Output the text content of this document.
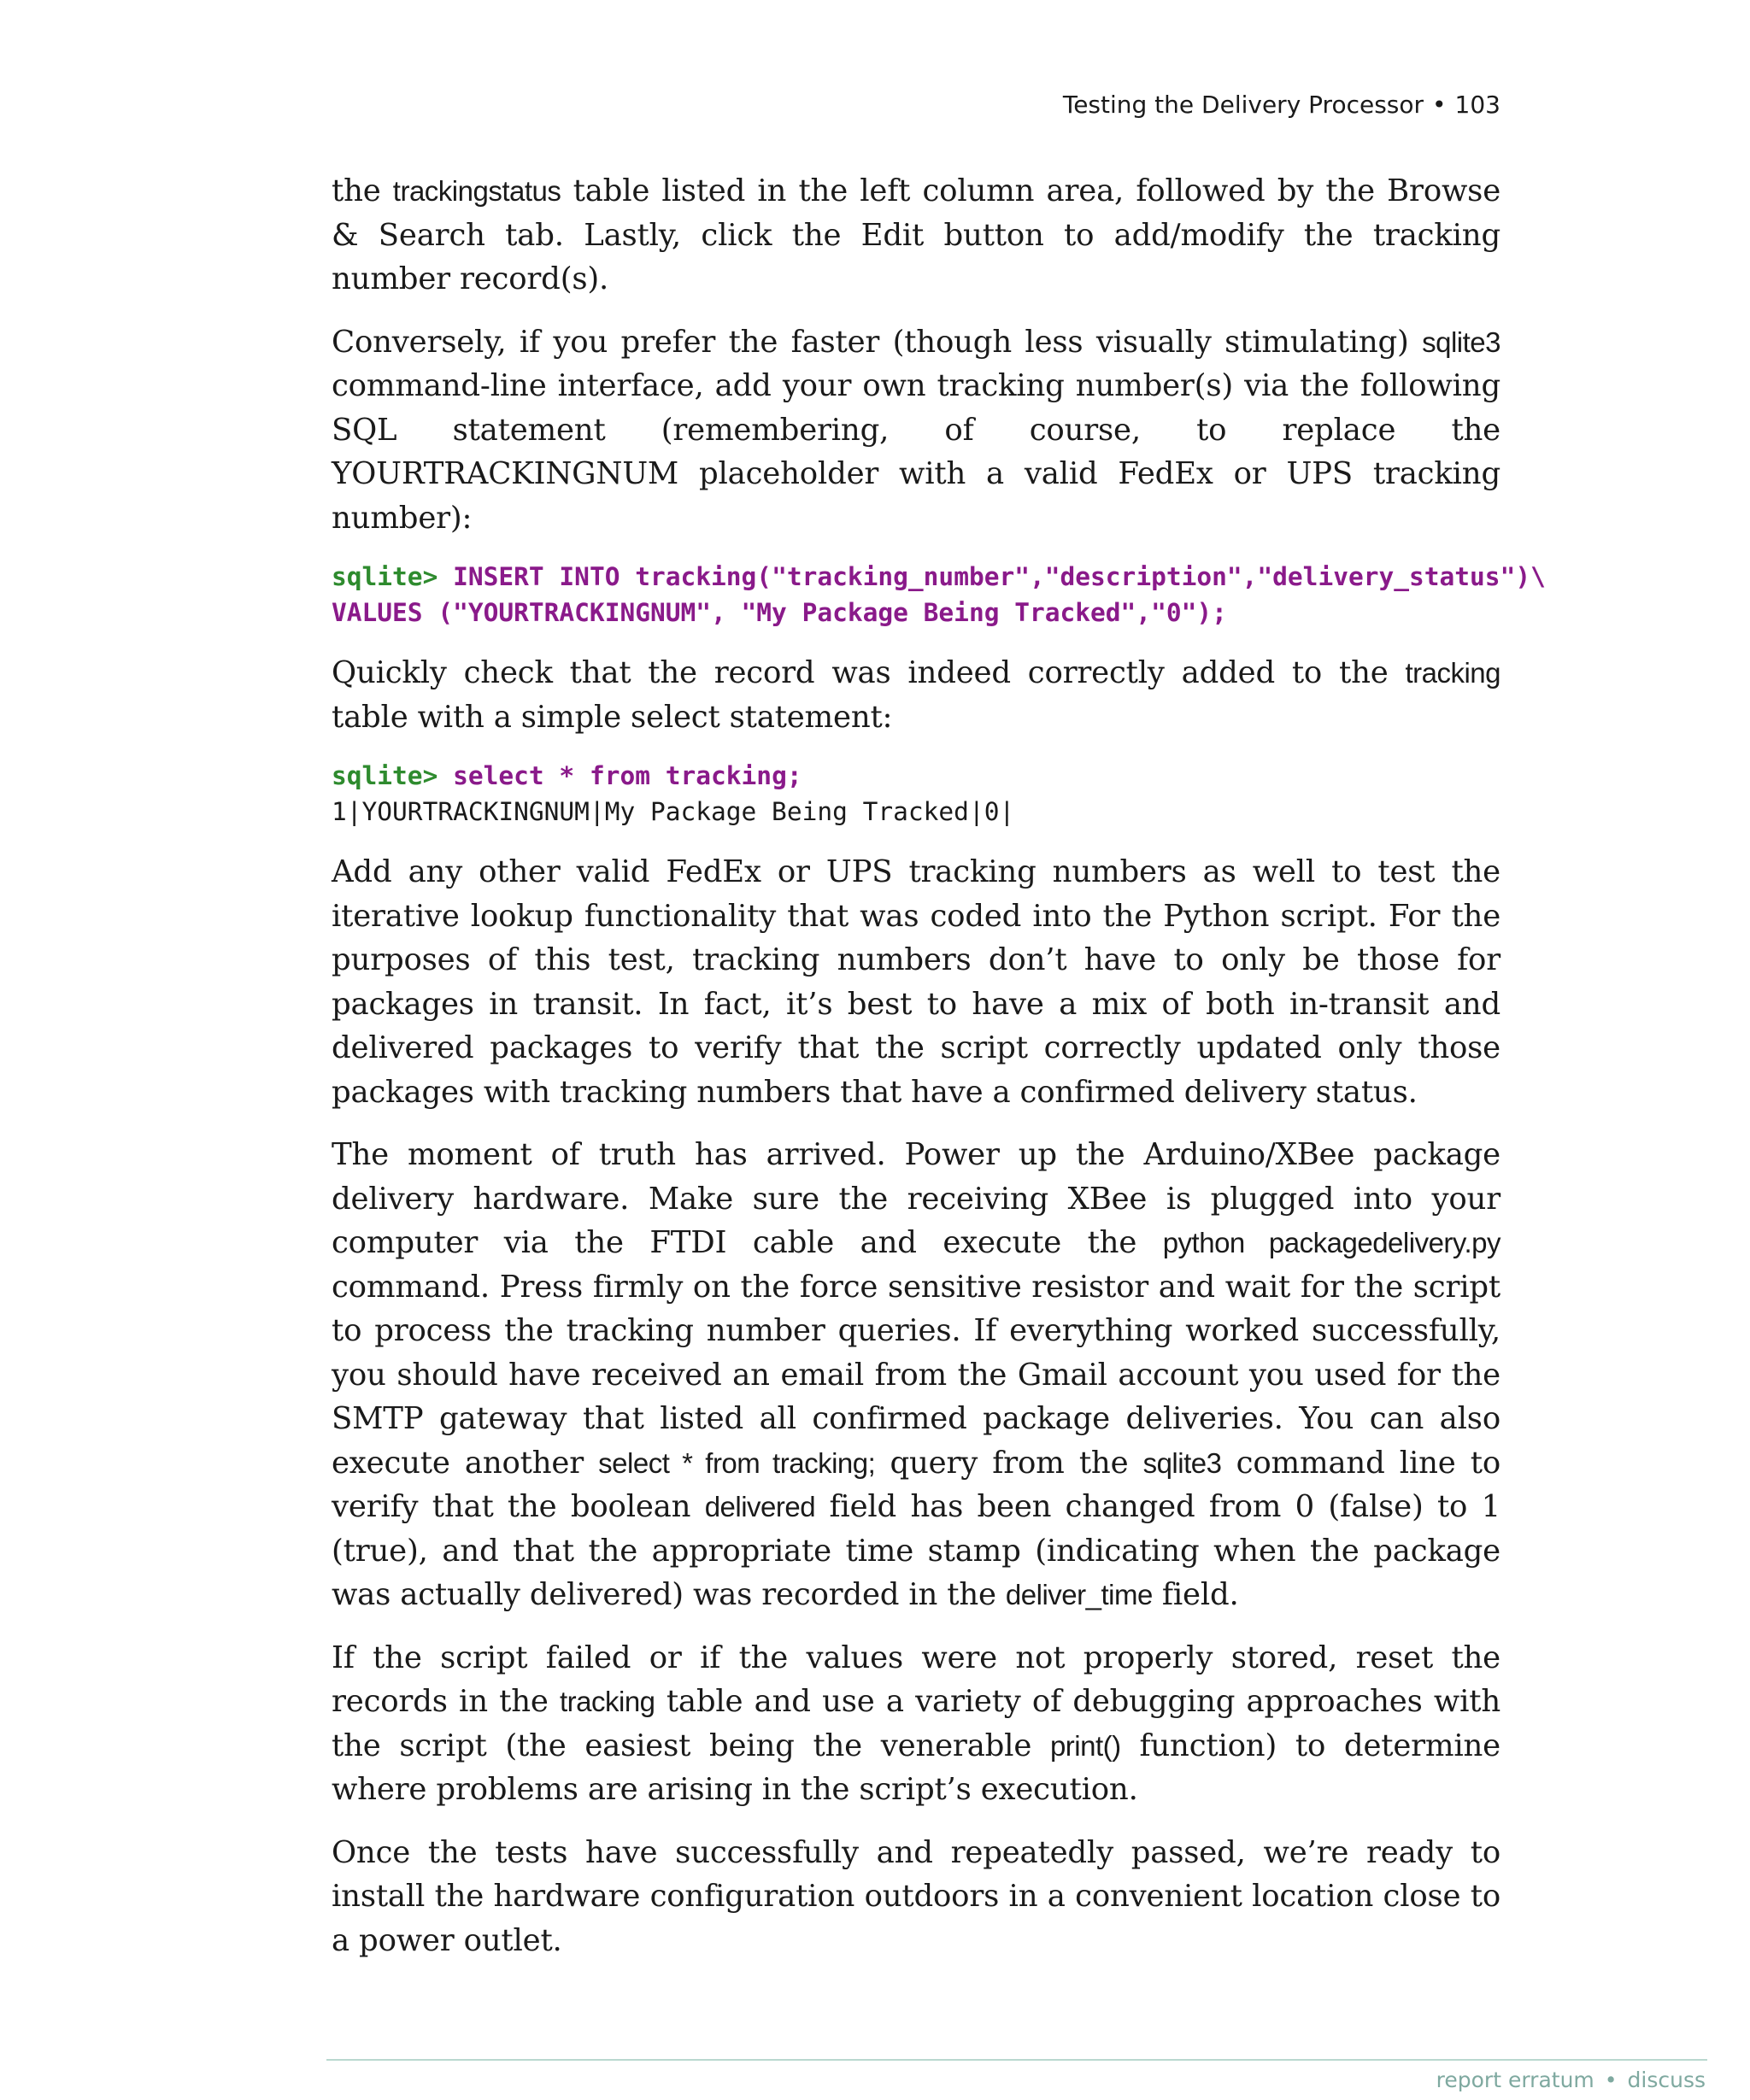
Testing the Delivery Processor • 103

the trackingstatus table listed in the left column area, followed by the Browse & Search tab. Lastly, click the Edit button to add/modify the tracking number record(s).

Conversely, if you prefer the faster (though less visually stimulating) sqlite3 command-line interface, add your own tracking number(s) via the following SQL statement (remembering, of course, to replace the YOURTRACKINGNUM placeholder with a valid FedEx or UPS tracking number):

sqlite> INSERT INTO tracking("tracking_number","description","delivery_status")\
VALUES ("YOURTRACKINGNUM", "My Package Being Tracked","0");

Quickly check that the record was indeed correctly added to the tracking table with a simple select statement:

sqlite> select * from tracking;
1|YOURTRACKINGNUM|My Package Being Tracked|0|

Add any other valid FedEx or UPS tracking numbers as well to test the iterative lookup functionality that was coded into the Python script. For the purposes of this test, tracking numbers don’t have to only be those for packages in transit. In fact, it’s best to have a mix of both in-transit and delivered packages to verify that the script correctly updated only those packages with tracking numbers that have a confirmed delivery status.

The moment of truth has arrived. Power up the Arduino/XBee package delivery hardware. Make sure the receiving XBee is plugged into your computer via the FTDI cable and execute the python packagedelivery.py command. Press firmly on the force sensitive resistor and wait for the script to process the tracking number queries. If everything worked successfully, you should have received an email from the Gmail account you used for the SMTP gateway that listed all confirmed package deliveries. You can also execute another select * from tracking; query from the sqlite3 command line to verify that the boolean delivered field has been changed from 0 (false) to 1 (true), and that the appropriate time stamp (indicating when the package was actually delivered) was recorded in the deliver_time field.

If the script failed or if the values were not properly stored, reset the records in the tracking table and use a variety of debugging approaches with the script (the easiest being the venerable print() function) to determine where problems are arising in the script’s execution.

Once the tests have successfully and repeatedly passed, we’re ready to install the hardware configuration outdoors in a convenient location close to a power outlet.

report erratum • discuss
